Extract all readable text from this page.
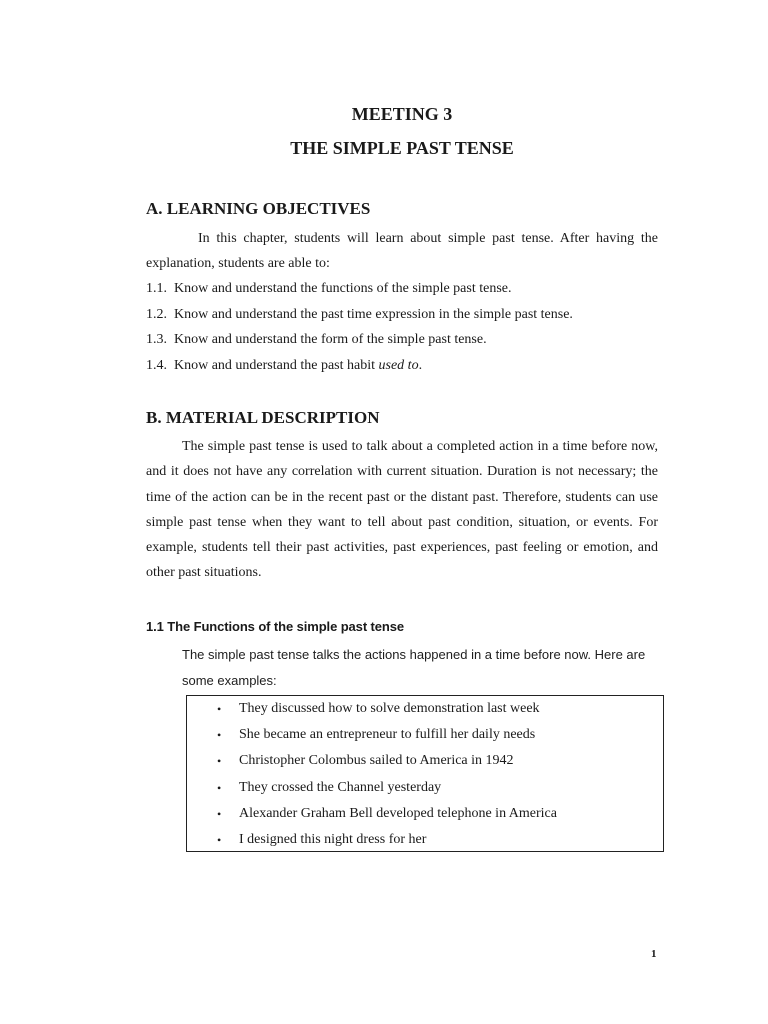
MEETING 3
THE SIMPLE PAST TENSE
A. LEARNING OBJECTIVES

In this chapter, students will learn about simple past tense. After having the explanation, students are able to:

1.1. Know and understand the functions of the simple past tense.
1.2. Know and understand the past time expression in the simple past tense.
1.3. Know and understand the form of the simple past tense.
1.4. Know and understand the past habit used to.
B. MATERIAL DESCRIPTION

The simple past tense is used to talk about a completed action in a time before now, and it does not have any correlation with current situation. Duration is not necessary; the time of the action can be in the recent past or the distant past. Therefore, students can use simple past tense when they want to tell about past condition, situation, or events. For example, students tell their past activities, past experiences, past feeling or emotion, and other past situations.

1.1 The Functions of the simple past tense

The simple past tense talks the actions happened in a time before now. Here are some examples:

• They discussed how to solve demonstration last week
• She became an entrepreneur to fulfill her daily needs
• Christopher Colombus sailed to America in 1942
• They crossed the Channel yesterday
• Alexander Graham Bell developed telephone in America
• I designed this night dress for her
1
